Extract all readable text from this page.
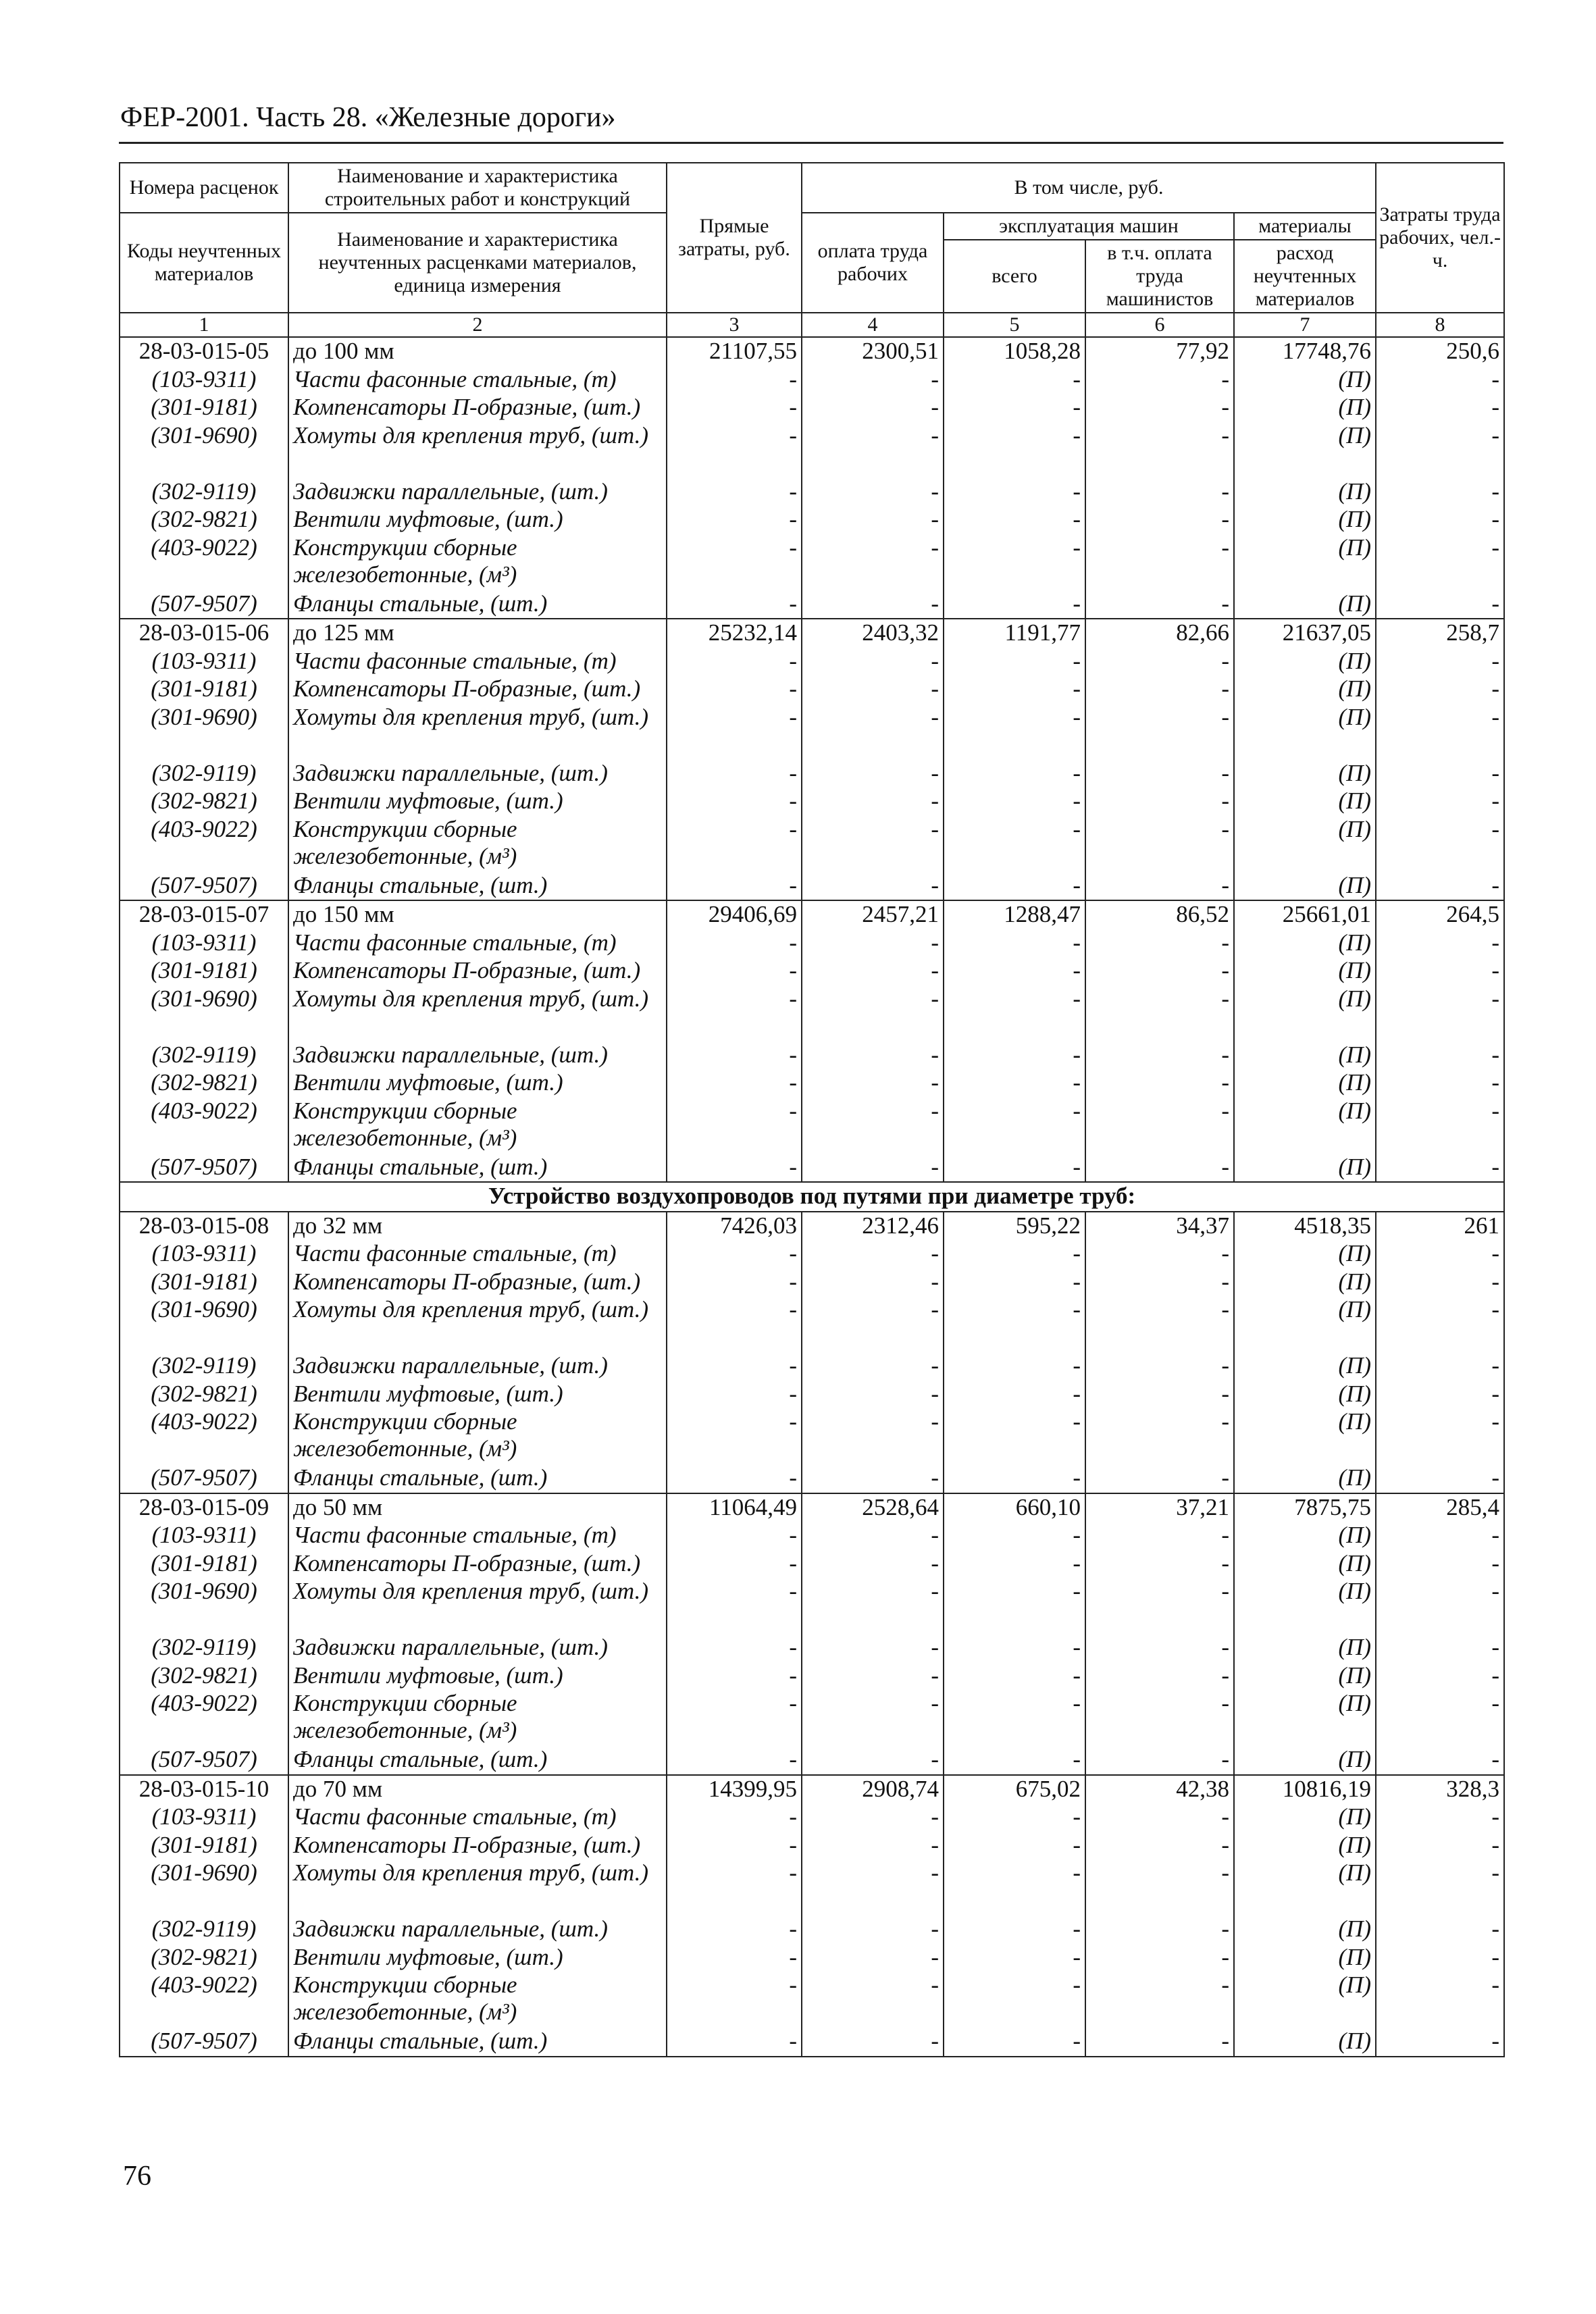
ФЕР-2001. Часть 28. «Железные дороги»
Номера расценок	Наименование и характеристика строительных работ и конструкций	Прямые затраты, руб.	В том числе, руб.				Затраты труда рабочих, чел.-ч.
Коды неучтенных материалов	Наименование и характеристика неучтенных расценками материалов, единица измерения		оплата труда рабочих	эксплуатация машин		материалы	
				всего	в т.ч. оплата труда машинистов	расход неучтенных материалов	
1	2	3	4	5	6	7	8
28-03-015-05	до 100 мм	21107,55	2300,51	1058,28	77,92	17748,76	250,6
(103-9311)	Части фасонные стальные, (т)	-	-	-	-	(П)	-
(301-9181)	Компенсаторы П-образные, (шт.)	-	-	-	-	(П)	-
(301-9690)	Хомуты для крепления труб, (шт.)	-	-	-	-	(П)	-
(302-9119)	Задвижки параллельные, (шт.)	-	-	-	-	(П)	-
(302-9821)	Вентили муфтовые, (шт.)	-	-	-	-	(П)	-
(403-9022)	Конструкции сборные железобетонные, (м³)	-	-	-	-	(П)	-
(507-9507)	Фланцы стальные, (шт.)	-	-	-	-	(П)	-
28-03-015-06	до 125 мм	25232,14	2403,32	1191,77	82,66	21637,05	258,7
(103-9311)	Части фасонные стальные, (т)	-	-	-	-	(П)	-
(301-9181)	Компенсаторы П-образные, (шт.)	-	-	-	-	(П)	-
(301-9690)	Хомуты для крепления труб, (шт.)	-	-	-	-	(П)	-
(302-9119)	Задвижки параллельные, (шт.)	-	-	-	-	(П)	-
(302-9821)	Вентили муфтовые, (шт.)	-	-	-	-	(П)	-
(403-9022)	Конструкции сборные железобетонные, (м³)	-	-	-	-	(П)	-
(507-9507)	Фланцы стальные, (шт.)	-	-	-	-	(П)	-
28-03-015-07	до 150 мм	29406,69	2457,21	1288,47	86,52	25661,01	264,5
(103-9311)	Части фасонные стальные, (т)	-	-	-	-	(П)	-
(301-9181)	Компенсаторы П-образные, (шт.)	-	-	-	-	(П)	-
(301-9690)	Хомуты для крепления труб, (шт.)	-	-	-	-	(П)	-
(302-9119)	Задвижки параллельные, (шт.)	-	-	-	-	(П)	-
(302-9821)	Вентили муфтовые, (шт.)	-	-	-	-	(П)	-
(403-9022)	Конструкции сборные железобетонные, (м³)	-	-	-	-	(П)	-
(507-9507)	Фланцы стальные, (шт.)	-	-	-	-	(П)	-
Устройство воздухопроводов под путями при диаметре труб:							
28-03-015-08	до 32 мм	7426,03	2312,46	595,22	34,37	4518,35	261
(103-9311)	Части фасонные стальные, (т)	-	-	-	-	(П)	-
(301-9181)	Компенсаторы П-образные, (шт.)	-	-	-	-	(П)	-
(301-9690)	Хомуты для крепления труб, (шт.)	-	-	-	-	(П)	-
(302-9119)	Задвижки параллельные, (шт.)	-	-	-	-	(П)	-
(302-9821)	Вентили муфтовые, (шт.)	-	-	-	-	(П)	-
(403-9022)	Конструкции сборные железобетонные, (м³)	-	-	-	-	(П)	-
(507-9507)	Фланцы стальные, (шт.)	-	-	-	-	(П)	-
28-03-015-09	до 50 мм	11064,49	2528,64	660,10	37,21	7875,75	285,4
(103-9311)	Части фасонные стальные, (т)	-	-	-	-	(П)	-
(301-9181)	Компенсаторы П-образные, (шт.)	-	-	-	-	(П)	-
(301-9690)	Хомуты для крепления труб, (шт.)	-	-	-	-	(П)	-
(302-9119)	Задвижки параллельные, (шт.)	-	-	-	-	(П)	-
(302-9821)	Вентили муфтовые, (шт.)	-	-	-	-	(П)	-
(403-9022)	Конструкции сборные железобетонные, (м³)	-	-	-	-	(П)	-
(507-9507)	Фланцы стальные, (шт.)	-	-	-	-	(П)	-
28-03-015-10	до 70 мм	14399,95	2908,74	675,02	42,38	10816,19	328,3
(103-9311)	Части фасонные стальные, (т)	-	-	-	-	(П)	-
(301-9181)	Компенсаторы П-образные, (шт.)	-	-	-	-	(П)	-
(301-9690)	Хомуты для крепления труб, (шт.)	-	-	-	-	(П)	-
(302-9119)	Задвижки параллельные, (шт.)	-	-	-	-	(П)	-
(302-9821)	Вентили муфтовые, (шт.)	-	-	-	-	(П)	-
(403-9022)	Конструкции сборные железобетонные, (м³)	-	-	-	-	(П)	-
(507-9507)	Фланцы стальные, (шт.)	-	-	-	-	(П)	-
76
